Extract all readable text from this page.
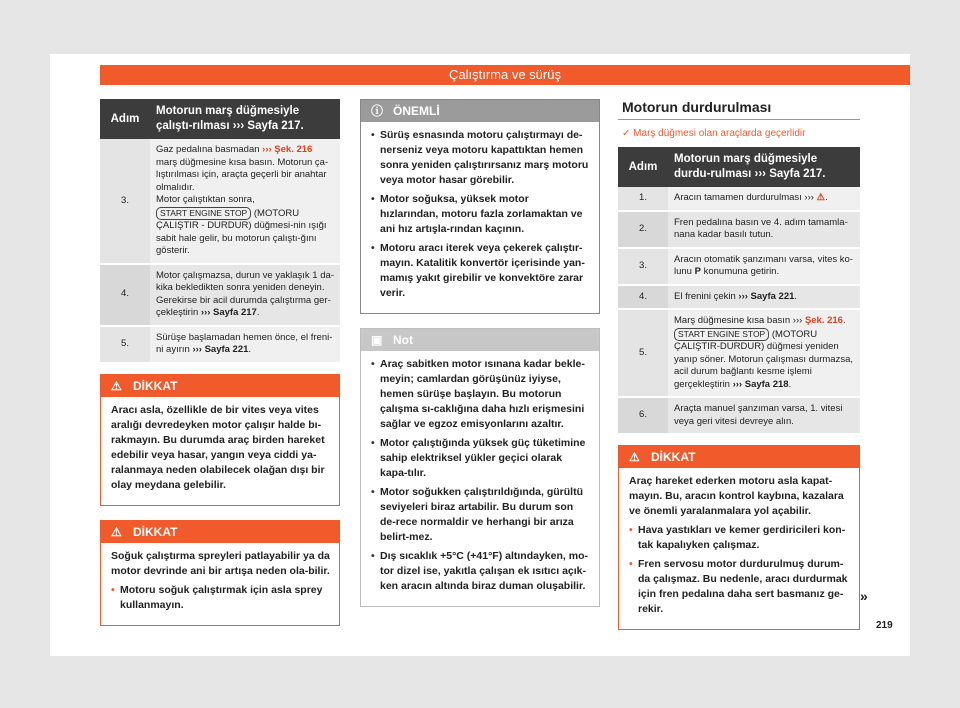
Çalıştırma ve sürüş
Adım	Motorun marş düğmesiyle çalıştı-rılması ››› Sayfa 217.
3.	Gaz pedalına basmadan ››› Şek. 216 marş düğmesine kısa basın. Motorun ça-lıştırılması için, araçta geçerli bir anahtar olmalıdır.
Motor çalıştıktan sonra, START ENGINE STOP (MOTORU ÇALIŞTIR - DURDUR) düğmesi-nin ışığı sabit hale gelir, bu motorun çalıştı-ğını gösterir.
4.	Motor çalışmazsa, durun ve yaklaşık 1 da-kika bekledikten sonra yeniden deneyin. Gerekirse bir acil durumda çalıştırma ger-çekleştirin ››› Sayfa 217.
5.	Sürüşe başlamadan hemen önce, el freni-ni ayırın ››› Sayfa 221.
⚠ DİKKAT

Aracı asla, özellikle de bir vites veya vites aralığı devredeyken motor çalışır halde bı-rakmayın. Bu durumda araç birden hareket edebilir veya hasar, yangın veya ciddi ya-ralanmaya neden olabilecek olağan dışı bir olay meydana gelebilir.

⚠ DİKKAT

Soğuk çalıştırma spreyleri patlayabilir ya da motor devrinde ani bir artışa neden ola-bilir.

• Motoru soğuk çalıştırmak için asla sprey kullanmayın.
ⓘ ÖNEMLİ
• Sürüş esnasında motoru çalıştırmayı de-nerseniz veya motoru kapattıktan hemen sonra yeniden çalıştırırsanız marş motoru veya motor hasar görebilir.
• Motor soğuksa, yüksek motor hızlarından, motoru fazla zorlamaktan ve ani hız artışla-rından kaçının.
• Motoru aracı iterek veya çekerek çalıştır-mayın. Katalitik konvertör içerisinde yan-mamış yakıt girebilir ve konvektöre zarar verir.
▣ Not
• Araç sabitken motor ısınana kadar bekle-meyin; camlardan görüşünüz iyiyse, hemen sürüşe başlayın. Bu motorun çalışma sı-caklığına daha hızlı erişmesini sağlar ve egzoz emisyonlarını azaltır.
• Motor çalıştığında yüksek güç tüketimine sahip elektriksel yükler geçici olarak kapa-tılır.
• Motor soğukken çalıştırıldığında, gürültü seviyeleri biraz artabilir. Bu durum son de-rece normaldir ve herhangi bir arıza belirt-mez.
• Dış sıcaklık +5°C (+41°F) altındayken, mo-tor dizel ise, yakıtla çalışan ek ısıtıcı açık-ken aracın altında biraz duman oluşabilir.
Motorun durdurulması
✓ Marş düğmesi olan araçlarda geçerlidir
Adım	Motorun marş düğmesiyle durdu-rulması ››› Sayfa 217.
1.	Aracın tamamen durdurulması ››› ⚠.
2.	Fren pedalına basın ve 4. adım tamamla-nana kadar basılı tutun.
3.	Aracın otomatik şanzımanı varsa, vites ko-lunu P konumuna getirin.
4.	El frenini çekin ››› Sayfa 221.
5.	Marş düğmesine kısa basın ››› Şek. 216. START ENGINE STOP (MOTORU ÇALIŞTIR-DURDUR) düğmesi yeniden yanıp söner. Motorun çalışması durmazsa, acil durum bağlantı kesme işlemi gerçekleştirin ››› Sayfa 218.
6.	Araçta manuel şanzıman varsa, 1. vitesi veya geri vitesi devreye alın.
⚠ DİKKAT

Araç hareket ederken motoru asla kapat-mayın. Bu, aracın kontrol kaybına, kazalara ve önemli yaralanmalara yol açabilir.

• Hava yastıkları ve kemer gerdiricileri kon-tak kapalıyken çalışmaz.
• Fren servosu motor durdurulmuş durum-da çalışmaz. Bu nedenle, aracı durdurmak için fren pedalına daha sert basmanız ge-rekir.
»
219
